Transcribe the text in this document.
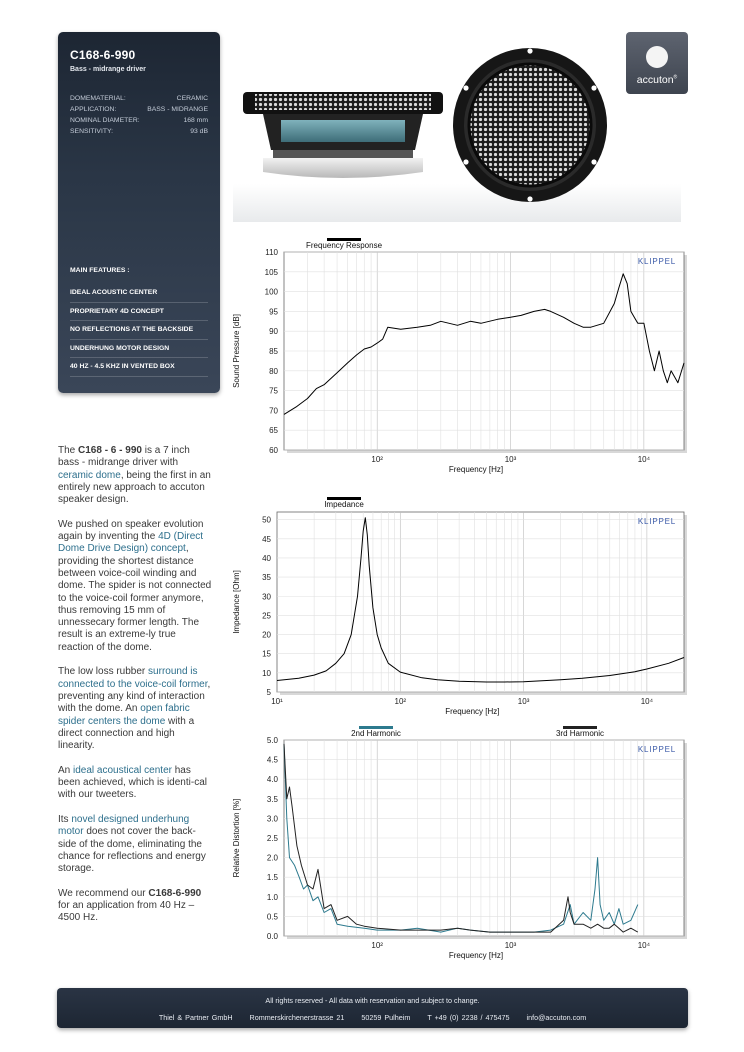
C168-6-990
Bass - midrange driver
DOMEMATERIAL:	CERAMIC
APPLICATION:	BASS - MIDRANGE
NOMINAL DIAMETER:	168 mm
SENSITIVITY:	93 dB
MAIN FEATURES :
IDEAL ACOUSTIC CENTER
PROPRIETARY 4D CONCEPT
NO REFLECTIONS AT THE BACKSIDE
UNDERHUNG MOTOR DESIGN
40 HZ - 4.5 KHZ IN VENTED BOX
accuton®

The C168 - 6 - 990 is a 7 inch bass - midrange driver with ceramic dome, being the first in an entirely new approach to accuton speaker design.

We pushed on speaker evolution again by inventing the 4D (Direct Dome Drive Design) concept, providing the shortest distance between voice-coil winding and dome. The spider is not connected to the voice-coil former anymore, thus removing 15 mm of unnessecary former length. The result is an extreme-ly true reaction of the dome.

The low loss rubber surround is connected to the voice-coil former, preventing any kind of interaction with the dome. An open fabric spider centers the dome with a direct connection and high linearity.

An ideal acoustical center has been achieved, which is identi-cal with our tweeters.

Its novel designed underhung motor does not cover the back-side of the dome, eliminating the chance for reflections and energy storage.

We recommend our C168-6-990 for an application from 40 Hz – 4500 Hz.

60
65
70
75
80
85
90
95
100
105
110
10²	10³	10⁴
Frequency [Hz]
Sound Pressure [dB]
KLIPPEL
Frequency Response
5
10
15
20
25
30
35
40
45
50
10¹	10²	10³	10⁴
Frequency [Hz]
Impedance [Ohm]
KLIPPEL
Impedance
0.0
0.5
1.0
1.5
2.0
2.5
3.0
3.5
4.0
4.5
5.0
10²	10³	10⁴
Frequency [Hz]
Relative Distortion [%]
KLIPPEL
2nd Harmonic	3rd Harmonic
All rights reserved - All data with reservation and subject to change.
Thiel & Partner GmbH Rommerskirchenerstrasse 21 50259 Pulheim T +49 (0) 2238 / 475475 info@accuton.com
